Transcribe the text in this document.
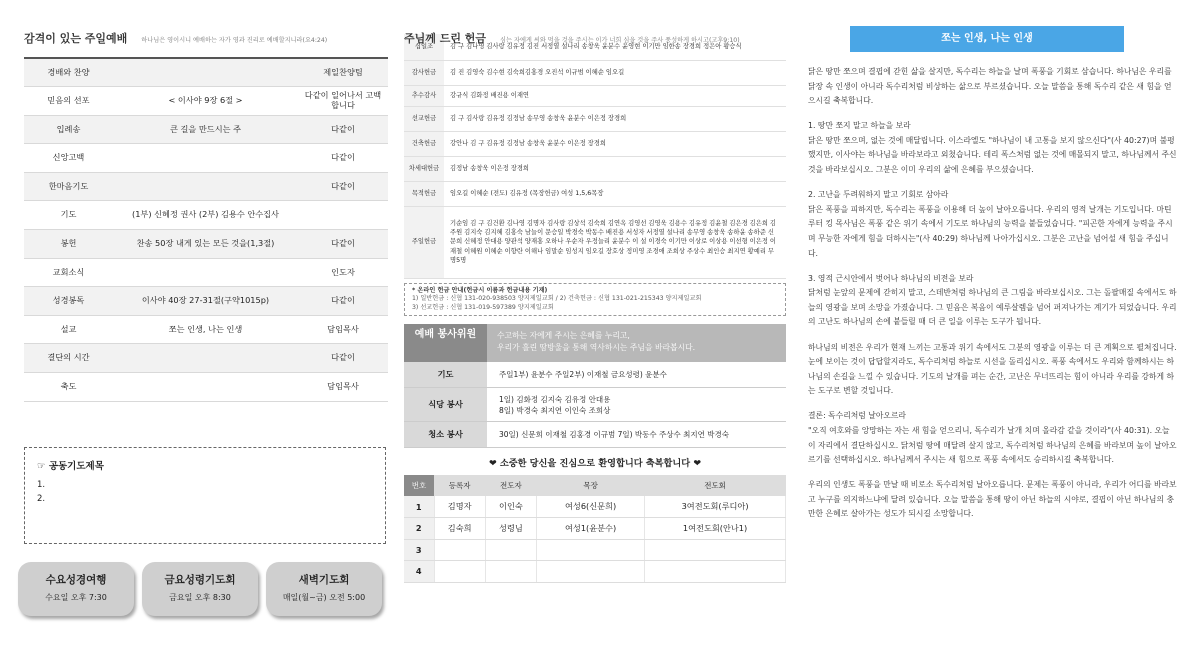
감격이 있는 주일예배 하나님은 영이시니 예배하는 자가 영과 진리로 예배할지니라(요4:24)
경배와 찬양		제일찬양팀
믿음의 선포	< 이사야 9장 6절 >	다같이 일어나서 고백합니다
입례송	큰 길을 만드시는 주	다같이
신앙고백		다같이
한마음기도		다같이
기도	(1부) 신혜정 권사 (2부) 김용수 안수집사	
봉헌	찬송 50장 내게 있는 모든 것을(1,3절)	다같이
교회소식		인도자
성경봉독	이사야 40장 27-31절(구약1015p)	다같이
설교	쪼는 인생, 나는 인생	담임목사
결단의 시간		다같이
축도		담임목사
☞ 공동기도제목
1.
2.
수요성경여행
수요일 오후 7:30
금요성령기도회
금요일 오후 8:30
새벽기도회
매일(월~금) 오전 5:00
주님께 드린 헌금 심는 자에게 씨와 먹을 것을 주시는 이가 너희 심을 것을 주사 풍성하게 하시고(고후9:10)
십일조	김 구 김나영 김사랑 김유정 김진 서정열 설나리 송창욱 윤분수 윤영현 이기만 임한송 장경희 정은아 황승식
감사헌금	김 진 김영숙 김수현 김숙희김홍경 오진석 이규범 이혜순 임오길
추수감사	강규식 김화정 배진용 이재연
선교헌금	김 구 김사랑 김유정 김정남 송무영 송창욱 윤분수 이은정 장경희
건축헌금	강안나 김 구 김유정 김정남 송창욱 윤분수 이은정 장경희
차세대헌금	김정남 송창욱 이은정 장경희
목적헌금	임오길 이혜순 (전도) 김유정 (목장헌금) 여성 1,5,6목장
주일헌금	기순임 김 구 김건환 김나영 김명자 김사랑 김상석 김숙희 김연옥 김영선 김영욱 김용수 김유정 김윤철 김은경 김은희 김주원 김지숙 김지혜 김홍숙 남늘이 문승일 박경숙 박동수 배진용 서성자 서정열 설나리 송무영 송창욱 송하윤 송하준 신문희 신혜정 안대용 양관석 양재홍 오하나 우순자 우정늘리 윤분수 이 설 이경숙 이기만 이상로 이상용 이선형 이은정 이재철 이혜원 이혜순 이향란 이해나 임말순 임성지 임오길 장호상 정미영 조경애 조희상 주상수 최인승 최지연 황예리 무명5명
* 온라인 헌금 안내(헌금시 이름과 헌금내용 기재)
1) 일반헌금 : 신협 131-020-938503 양지제일교회 / 2) 건축헌금 : 신협 131-021-215343 양지제일교회
3) 선교헌금 : 신협 131-019-597389 양지제일교회
예배 봉사위원	수고하는 자에게 주시는 은혜를 누리고,
우리가 흘린 땀방울을 통해 역사하시는 주님을 바라봅시다.
기도	주일1부) 윤분수 주일2부) 이재철 금요성령) 윤분수
식당 봉사	1일) 김화정 김지숙 김유정 안대용
8일) 박경숙 최지연 이인숙 조희상
청소 봉사	30일) 신문희 이재철 김홍경 이규범 7일) 박동수 주상수 최지연 박경숙
❤ 소중한 당신을 진심으로 환영합니다 축복합니다 ❤
번호	등록자	전도자	목장	전도회
1	김명자	이인숙	여성6(신문희)	3여전도회(루디아)
2	김숙희	성령님	여성1(윤분수)	1여전도회(안나1)
3				
4				
쪼는 인생, 나는 인생

닭은 땅만 쪼으며 결핍에 갇힌 삶을 살지만, 독수리는 하늘을 날며 폭풍을 기회로 삼습니다. 하나님은 우리를 닭장 속 인생이 아니라 독수리처럼 비상하는 삶으로 부르셨습니다. 오늘 말씀을 통해 독수리 같은 새 힘을 얻으시길 축복합니다.

1. 땅만 쪼지 말고 하늘을 보라
닭은 땅만 쪼으며, 없는 것에 매달립니다. 이스라엘도 "하나님이 내 고통을 보지 않으신다"(사 40:27)며 불평했지만, 이사야는 하나님을 바라보라고 외쳤습니다. 테리 폭스처럼 없는 것에 매몰되지 말고, 하나님께서 주신 것을 바라보십시오. 그분은 이미 우리의 삶에 은혜를 부으셨습니다.

2. 고난을 두려워하지 말고 기회로 삼아라
닭은 폭풍을 피하지만, 독수리는 폭풍을 이용해 더 높이 날아오릅니다. 우리의 영적 날개는 기도입니다. 마틴 루터 킹 목사님은 폭풍 같은 위기 속에서 기도로 하나님의 능력을 붙들었습니다. "피곤한 자에게 능력을 주시며 무능한 자에게 힘을 더하시는"(사 40:29) 하나님께 나아가십시오. 그분은 고난을 넘어설 새 힘을 주십니다.

3. 영적 근시안에서 벗어나 하나님의 비전을 보라
닭처럼 눈앞의 문제에 갇히지 말고, 스데반처럼 하나님의 큰 그림을 바라보십시오. 그는 돌팔매질 속에서도 하늘의 영광을 보며 소망을 가졌습니다. 그 믿음은 복음이 예루살렘을 넘어 퍼져나가는 계기가 되었습니다. 우리의 고난도 하나님의 손에 붙들릴 때 더 큰 일을 이루는 도구가 됩니다.

하나님의 비전은 우리가 현재 느끼는 고통과 위기 속에서도 그분의 영광을 이루는 더 큰 계획으로 펼쳐집니다. 눈에 보이는 것이 답답할지라도, 독수리처럼 하늘로 시선을 돌리십시오. 폭풍 속에서도 우리와 함께하시는 하나님의 손길을 느낄 수 있습니다. 기도의 날개를 펴는 순간, 고난은 무너뜨리는 힘이 아니라 우리를 강하게 하는 도구로 변할 것입니다.

결론: 독수리처럼 날아오르라
"오직 여호와를 앙망하는 자는 새 힘을 얻으리니, 독수리가 날개 치며 올라감 같을 것이라"(사 40:31). 오늘 이 자리에서 결단하십시오. 닭처럼 땅에 매달려 살지 않고, 독수리처럼 하나님의 은혜를 바라보며 높이 날아오르기를 선택하십시오. 하나님께서 주시는 새 힘으로 폭풍 속에서도 승리하시길 축복합니다.

우리의 인생도 폭풍을 만날 때 비로소 독수리처럼 날아오릅니다. 문제는 폭풍이 아니라, 우리가 어디를 바라보고 누구를 의지하느냐에 달려 있습니다. 오늘 말씀을 통해 땅이 아닌 하늘의 시야로, 결핍이 아닌 하나님의 충만한 은혜로 살아가는 성도가 되시길 소망합니다.
